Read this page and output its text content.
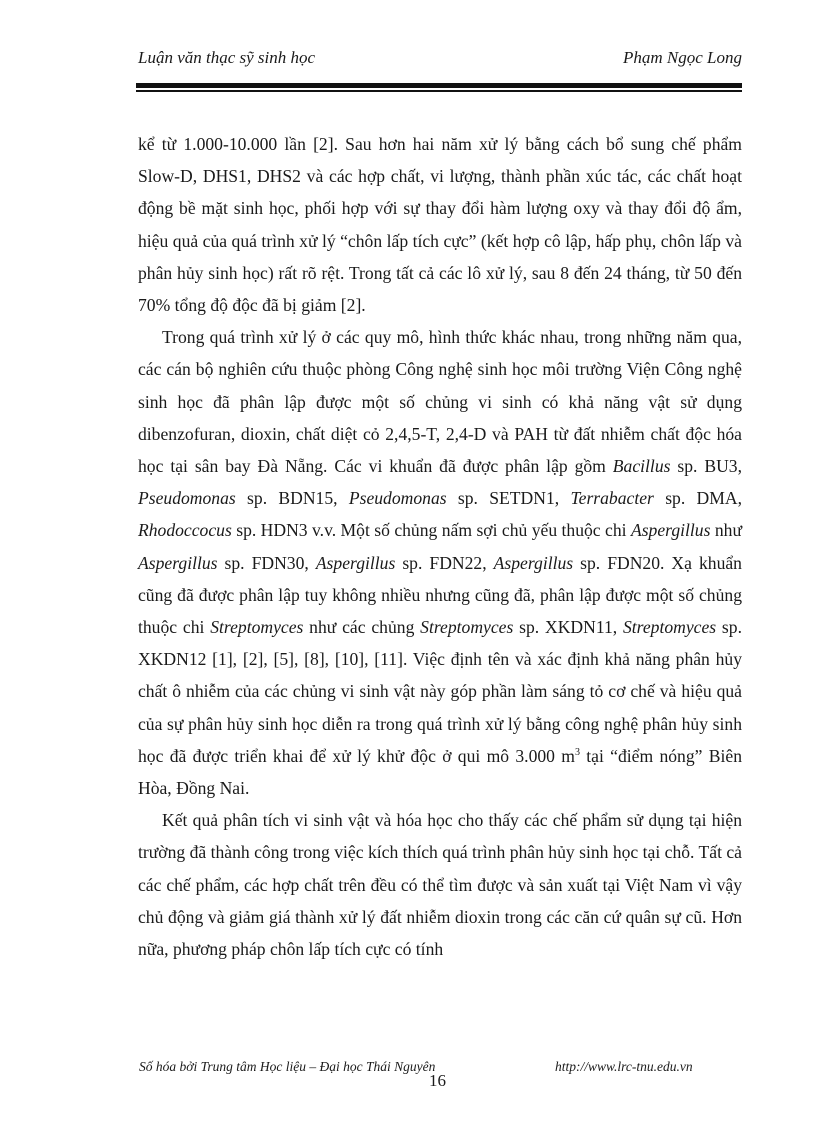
Luận văn thạc sỹ sinh học	Phạm Ngọc Long

kể từ 1.000-10.000 lần [2]. Sau hơn hai năm xử lý bằng cách bổ sung chế phẩm Slow-D, DHS1, DHS2 và các hợp chất, vi lượng, thành phần xúc tác, các chất hoạt động bề mặt sinh học, phối hợp với sự thay đổi hàm lượng oxy và thay đổi độ ẩm, hiệu quả của quá trình xử lý “chôn lấp tích cực” (kết hợp cô lập, hấp phụ, chôn lấp và phân hủy sinh học) rất rõ rệt. Trong tất cả các lô xử lý, sau 8 đến 24 tháng, từ 50 đến 70% tổng độ độc đã bị giảm [2].

Trong quá trình xử lý ở các quy mô, hình thức khác nhau, trong những năm qua, các cán bộ nghiên cứu thuộc phòng Công nghệ sinh học môi trường Viện Công nghệ sinh học đã phân lập được một số chủng vi sinh có khả năng vật sử dụng dibenzofuran, dioxin, chất diệt cỏ 2,4,5-T, 2,4-D và PAH từ đất nhiễm chất độc hóa học tại sân bay Đà Nẵng. Các vi khuẩn đã được phân lập gồm Bacillus sp. BU3, Pseudomonas sp. BDN15, Pseudomonas sp. SETDN1, Terrabacter sp. DMA, Rhodoccocus sp. HDN3 v.v. Một số chủng nấm sợi chủ yếu thuộc chi Aspergillus như Aspergillus sp. FDN30, Aspergillus sp. FDN22, Aspergillus sp. FDN20. Xạ khuẩn cũng đã được phân lập tuy không nhiều nhưng cũng đã, phân lập được một số chủng thuộc chi Streptomyces như các chủng Streptomyces sp. XKDN11, Streptomyces sp. XKDN12 [1], [2], [5], [8], [10], [11]. Việc định tên và xác định khả năng phân hủy chất ô nhiễm của các chủng vi sinh vật này góp phần làm sáng tỏ cơ chế và hiệu quả của sự phân hủy sinh học diễn ra trong quá trình xử lý bằng công nghệ phân hủy sinh học đã được triển khai để xử lý khử độc ở qui mô 3.000 $m^3$ tại “điểm nóng” Biên Hòa, Đồng Nai.

Kết quả phân tích vi sinh vật và hóa học cho thấy các chế phẩm sử dụng tại hiện trường đã thành công trong việc kích thích quá trình phân hủy sinh học tại chỗ. Tất cả các chế phẩm, các hợp chất trên đều có thể tìm được và sản xuất tại Việt Nam vì vậy chủ động và giảm giá thành xử lý đất nhiễm dioxin trong các căn cứ quân sự cũ. Hơn nữa, phương pháp chôn lấp tích cực có tính

Số hóa bởi Trung tâm Học liệu – Đại học Thái Nguyên	http://www.lrc-tnu.edu.vn
16
